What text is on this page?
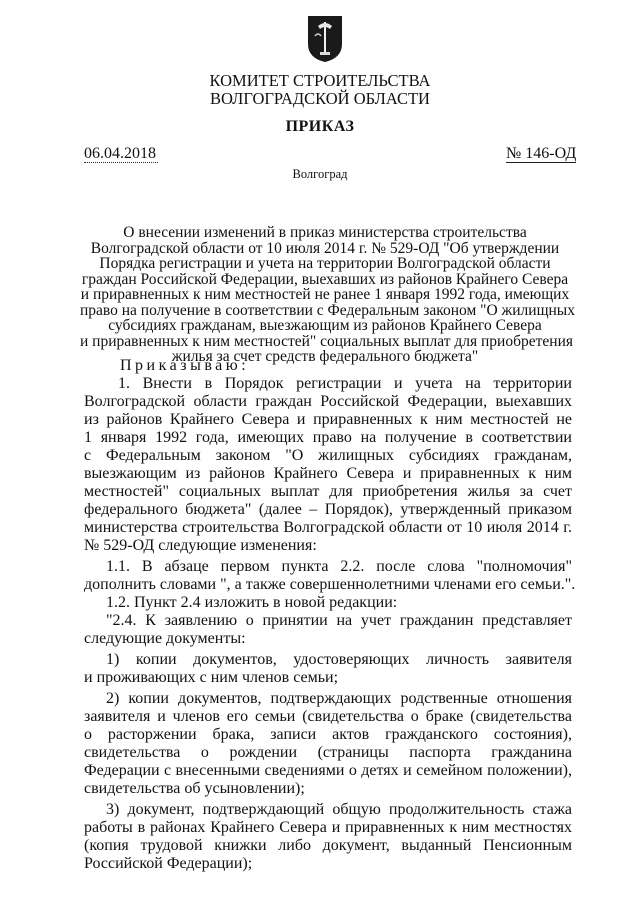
КОМИТЕТ СТРОИТЕЛЬСТВА
ВОЛГОГРАДСКОЙ ОБЛАСТИ
ПРИКАЗ
06.04.2018	№ 146-ОД
Волгоград
О внесении изменений в приказ министерства строительства
Волгоградской области от 10 июля 2014 г. № 529-ОД "Об утверждении
Порядка регистрации и учета на территории Волгоградской области
граждан Российской Федерации, выехавших из районов Крайнего Севера
и приравненных к ним местностей не ранее 1 января 1992 года, имеющих
право на получение в соответствии с Федеральным законом "О жилищных
субсидиях гражданам, выезжающим из районов Крайнего Севера
и приравненных к ним местностей" социальных выплат для приобретения
жилья за счет средств федерального бюджета"
Приказываю:
1. Внести в Порядок регистрации и учета на территории
Волгоградской области граждан Российской Федерации, выехавших
из районов Крайнего Севера и приравненных к ним местностей не
1 января 1992 года, имеющих право на получение в соответствии
с Федеральным законом "О жилищных субсидиях гражданам,
выезжающим из районов Крайнего Севера и приравненных к ним
местностей" социальных выплат для приобретения жилья за счет
федерального бюджета" (далее – Порядок), утвержденный приказом
министерства строительства Волгоградской области от 10 июля 2014 г.
№ 529-ОД следующие изменения:
1.1. В абзаце первом пункта 2.2. после слова "полномочия"
дополнить словами ", а также совершеннолетними членами его семьи.".
1.2. Пункт 2.4 изложить в новой редакции:
"2.4. К заявлению о принятии на учет гражданин представляет
следующие документы:
1) копии документов, удостоверяющих личность заявителя
и проживающих с ним членов семьи;
2) копии документов, подтверждающих родственные отношения
заявителя и членов его семьи (свидетельства о браке (свидетельства
о расторжении брака, записи актов гражданского состояния),
свидетельства о рождении (страницы паспорта гражданина
Федерации с внесенными сведениями о детях и семейном положении),
свидетельства об усыновлении);
3) документ, подтверждающий общую продолжительность стажа
работы в районах Крайнего Севера и приравненных к ним местностях
(копия трудовой книжки либо документ, выданный Пенсионным
Российской Федерации);
